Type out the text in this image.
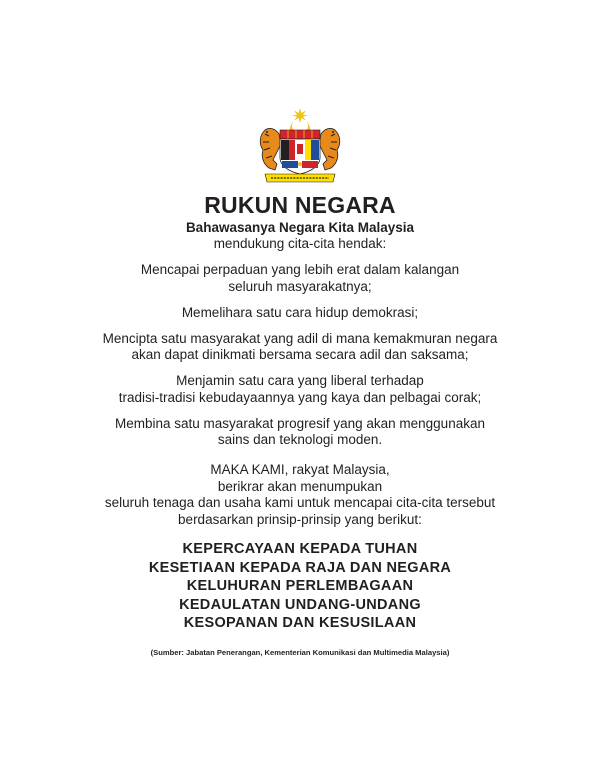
RUKUN NEGARA
Bahawasanya Negara Kita Malaysia
mendukung cita-cita hendak:
Mencapai perpaduan yang lebih erat dalam kalangan
seluruh masyarakatnya;
Memelihara satu cara hidup demokrasi;
Mencipta satu masyarakat yang adil di mana kemakmuran negara
akan dapat dinikmati bersama secara adil dan saksama;
Menjamin satu cara yang liberal terhadap
tradisi-tradisi kebudayaannya yang kaya dan pelbagai corak;
Membina satu masyarakat progresif yang akan menggunakan
sains dan teknologi moden.
MAKA KAMI, rakyat Malaysia,
berikrar akan menumpukan
seluruh tenaga dan usaha kami untuk mencapai cita-cita tersebut
berdasarkan prinsip-prinsip yang berikut:
KEPERCAYAAN KEPADA TUHAN
KESETIAAN KEPADA RAJA DAN NEGARA
KELUHURAN PERLEMBAGAAN
KEDAULATAN UNDANG-UNDANG
KESOPANAN DAN KESUSILAAN
(Sumber: Jabatan Penerangan, Kementerian Komunikasi dan Multimedia Malaysia)
